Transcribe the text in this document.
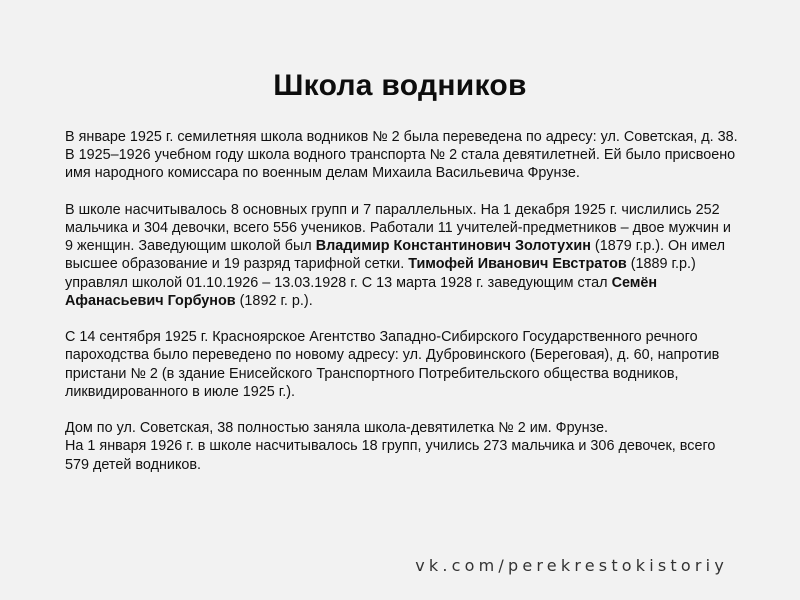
Школа водников

В январе 1925 г. семилетняя школа водников № 2 была переведена по адресу: ул. Советская, д. 38. В 1925–1926 учебном году школа водного транспорта № 2 стала девятилетней. Ей было присвоено имя народного комиссара по военным делам Михаила Васильевича Фрунзе.

В школе насчитывалось 8 основных групп и 7 параллельных. На 1 декабря 1925 г. числились 252 мальчика и 304 девочки, всего 556 учеников. Работали 11 учителей-предметников – двое мужчин и 9 женщин. Заведующим школой был Владимир Константинович Золотухин (1879 г.р.). Он имел высшее образование и 19 разряд тарифной сетки. Тимофей Иванович Евстратов (1889 г.р.) управлял школой 01.10.1926 – 13.03.1928 г. С 13 марта 1928 г. заведующим стал Семён Афанасьевич Горбунов (1892 г. р.).

С 14 сентября 1925 г. Красноярское Агентство Западно-Сибирского Государственного речного пароходства было переведено по новому адресу: ул. Дубровинского (Береговая), д. 60, напротив пристани № 2 (в здание Енисейского Транспортного Потребительского общества водников, ликвидированного в июле 1925 г.).

Дом по ул. Советская, 38 полностью заняла школа-девятилетка № 2 им. Фрунзе.
На 1 января 1926 г. в школе насчитывалось 18 групп, учились 273 мальчика и 306 девочек, всего 579 детей водников.

vk.com/perekrestokistoriy
